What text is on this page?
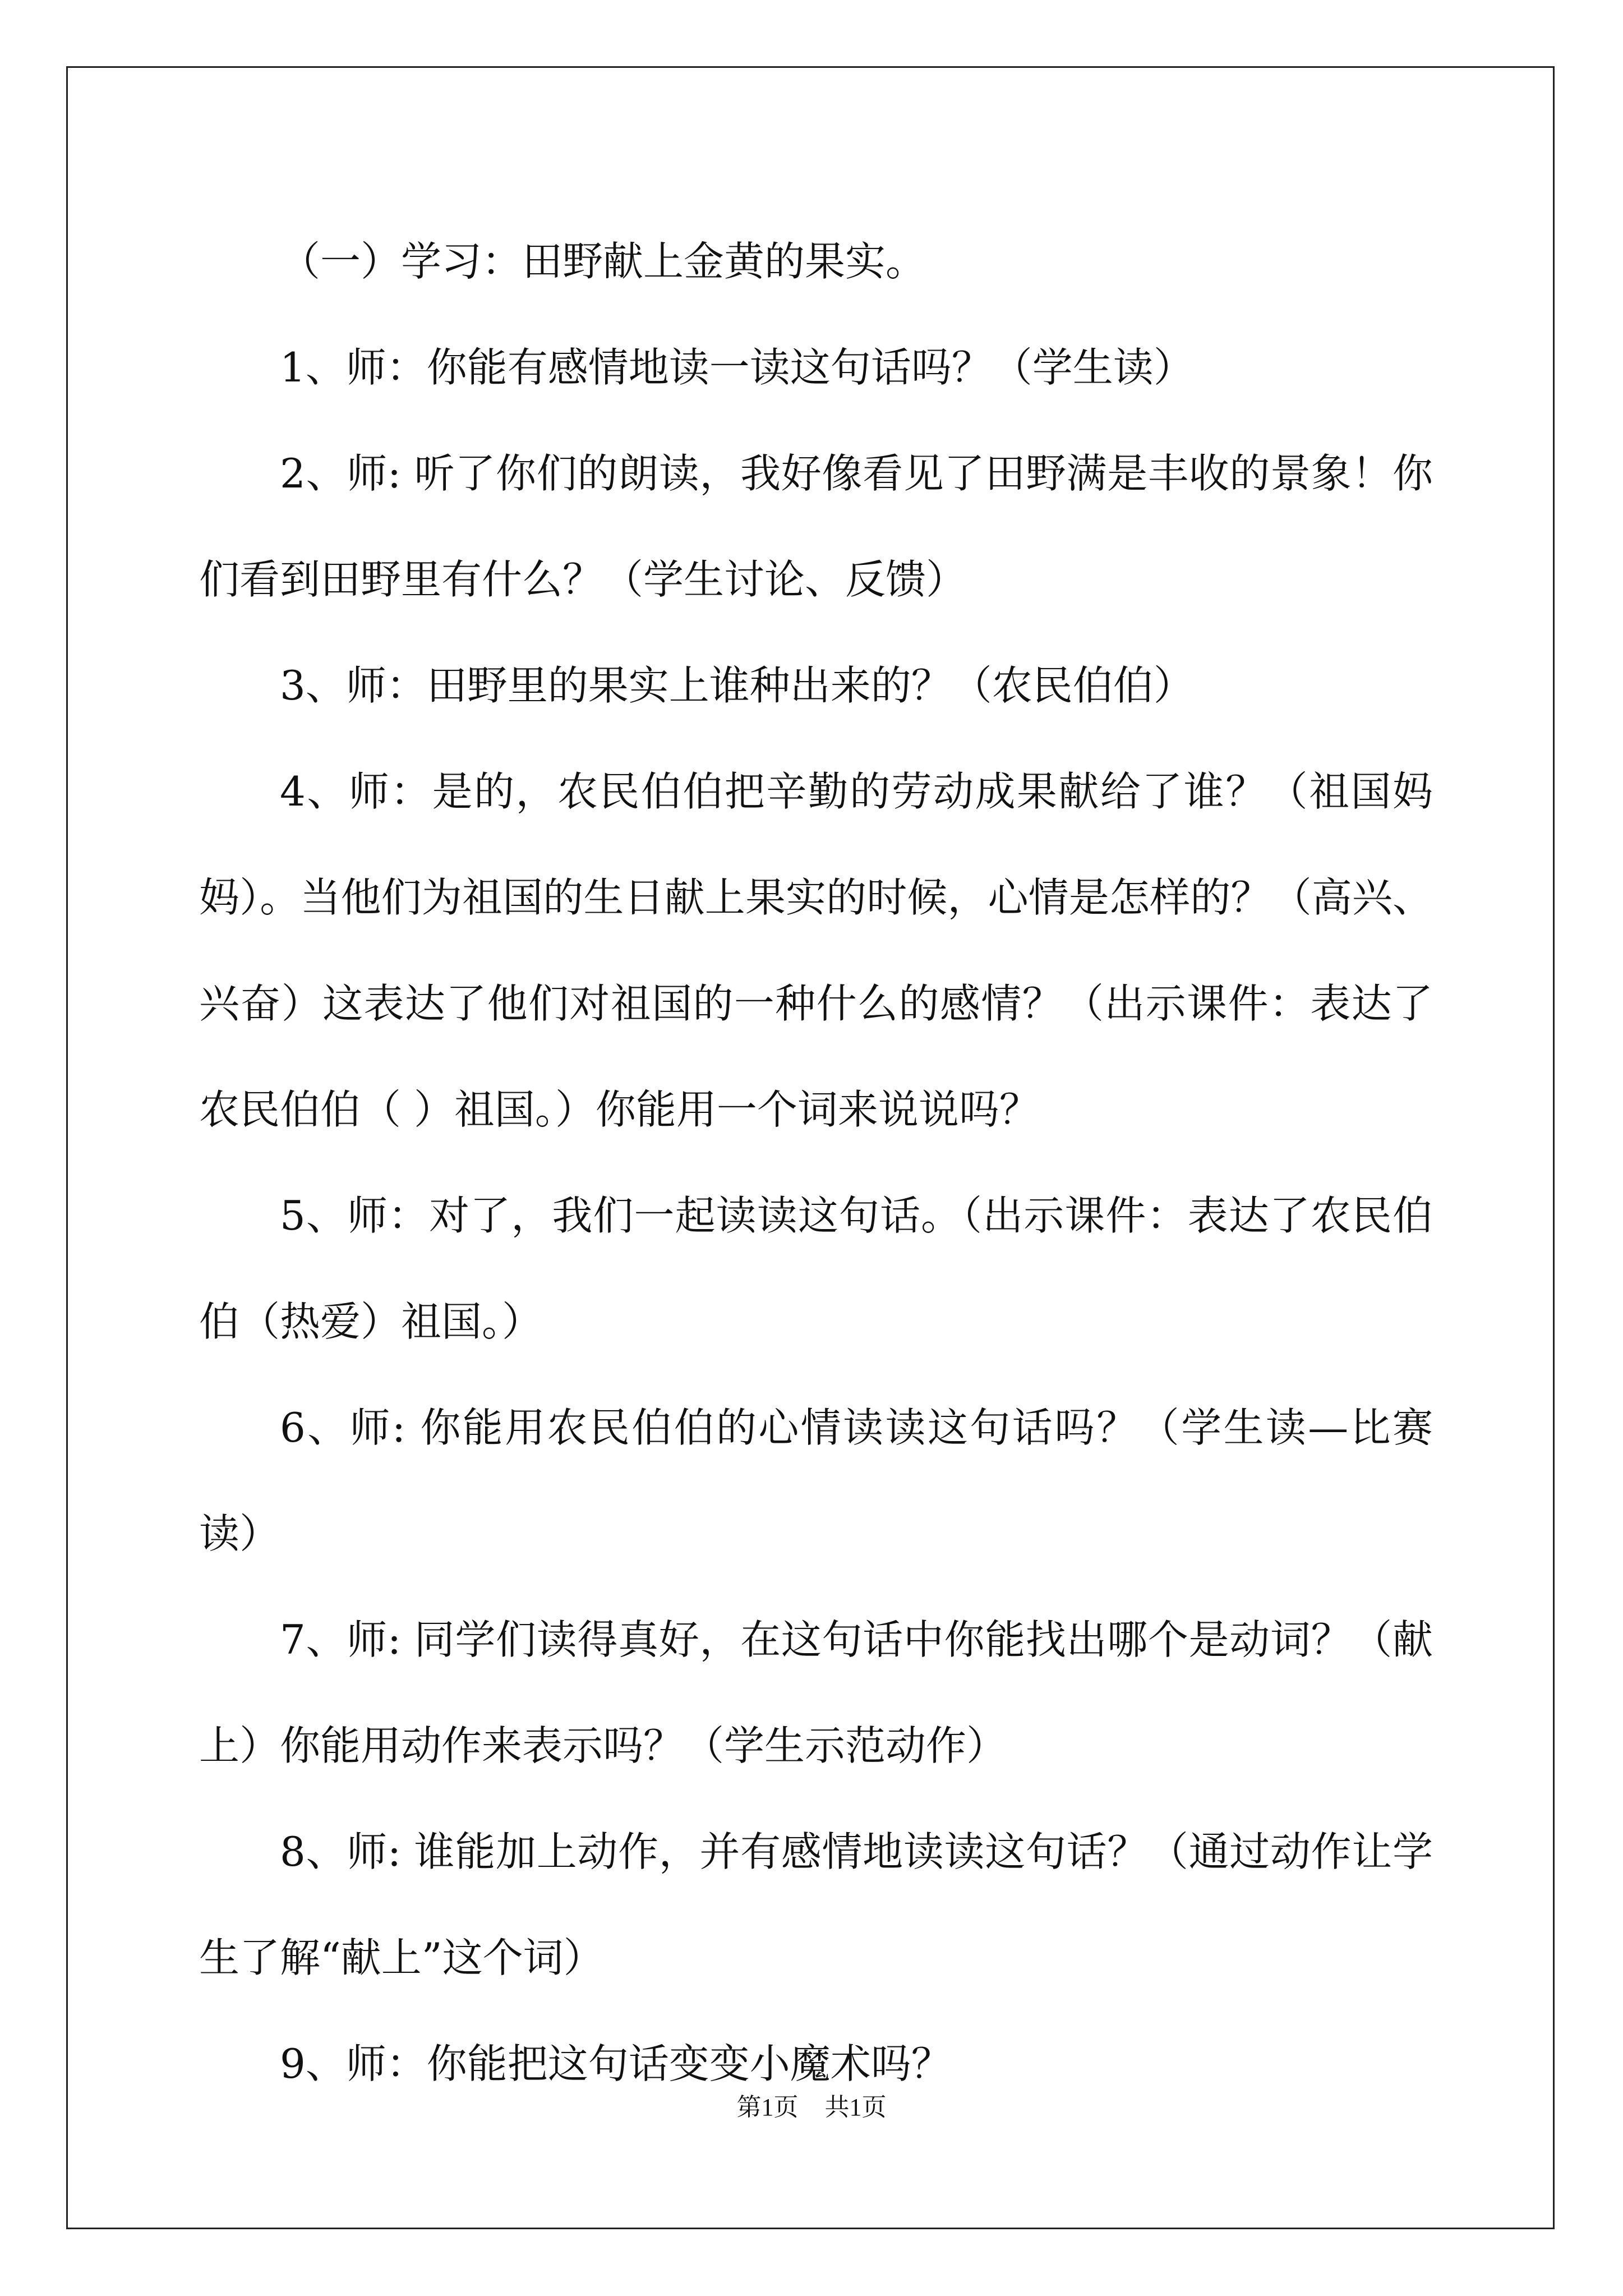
（一）学习：田野献上金黄的果实。

1、师：你能有感情地读一读这句话吗？（学生读）

2、师: 听了你们的朗读，我好像看见了田野满是丰收的景象！你们看到田野里有什么？（学生讨论、反馈）

3、师：田野里的果实上谁种出来的？（农民伯伯）

4、师：是的，农民伯伯把辛勤的劳动成果献给了谁？（祖国妈妈）。当他们为祖国的生日献上果实的时候，心情是怎样的？（高兴、兴奋）这表达了他们对祖国的一种什么的感情？（出示课件：表达了农民伯伯（ ）祖国。）你能用一个词来说说吗？

5、师：对了，我们一起读读这句话。（出示课件：表达了农民伯伯（热爱）祖国。）

6、师: 你能用农民伯伯的心情读读这句话吗？（学生读—比赛读）

7、师: 同学们读得真好，在这句话中你能找出哪个是动词？（献上）你能用动作来表示吗？（学生示范动作）

8、师: 谁能加上动作，并有感情地读读这句话？（通过动作让学生了解“献上”这个词）

9、师：你能把这句话变变小魔术吗？

第1页 共1页
